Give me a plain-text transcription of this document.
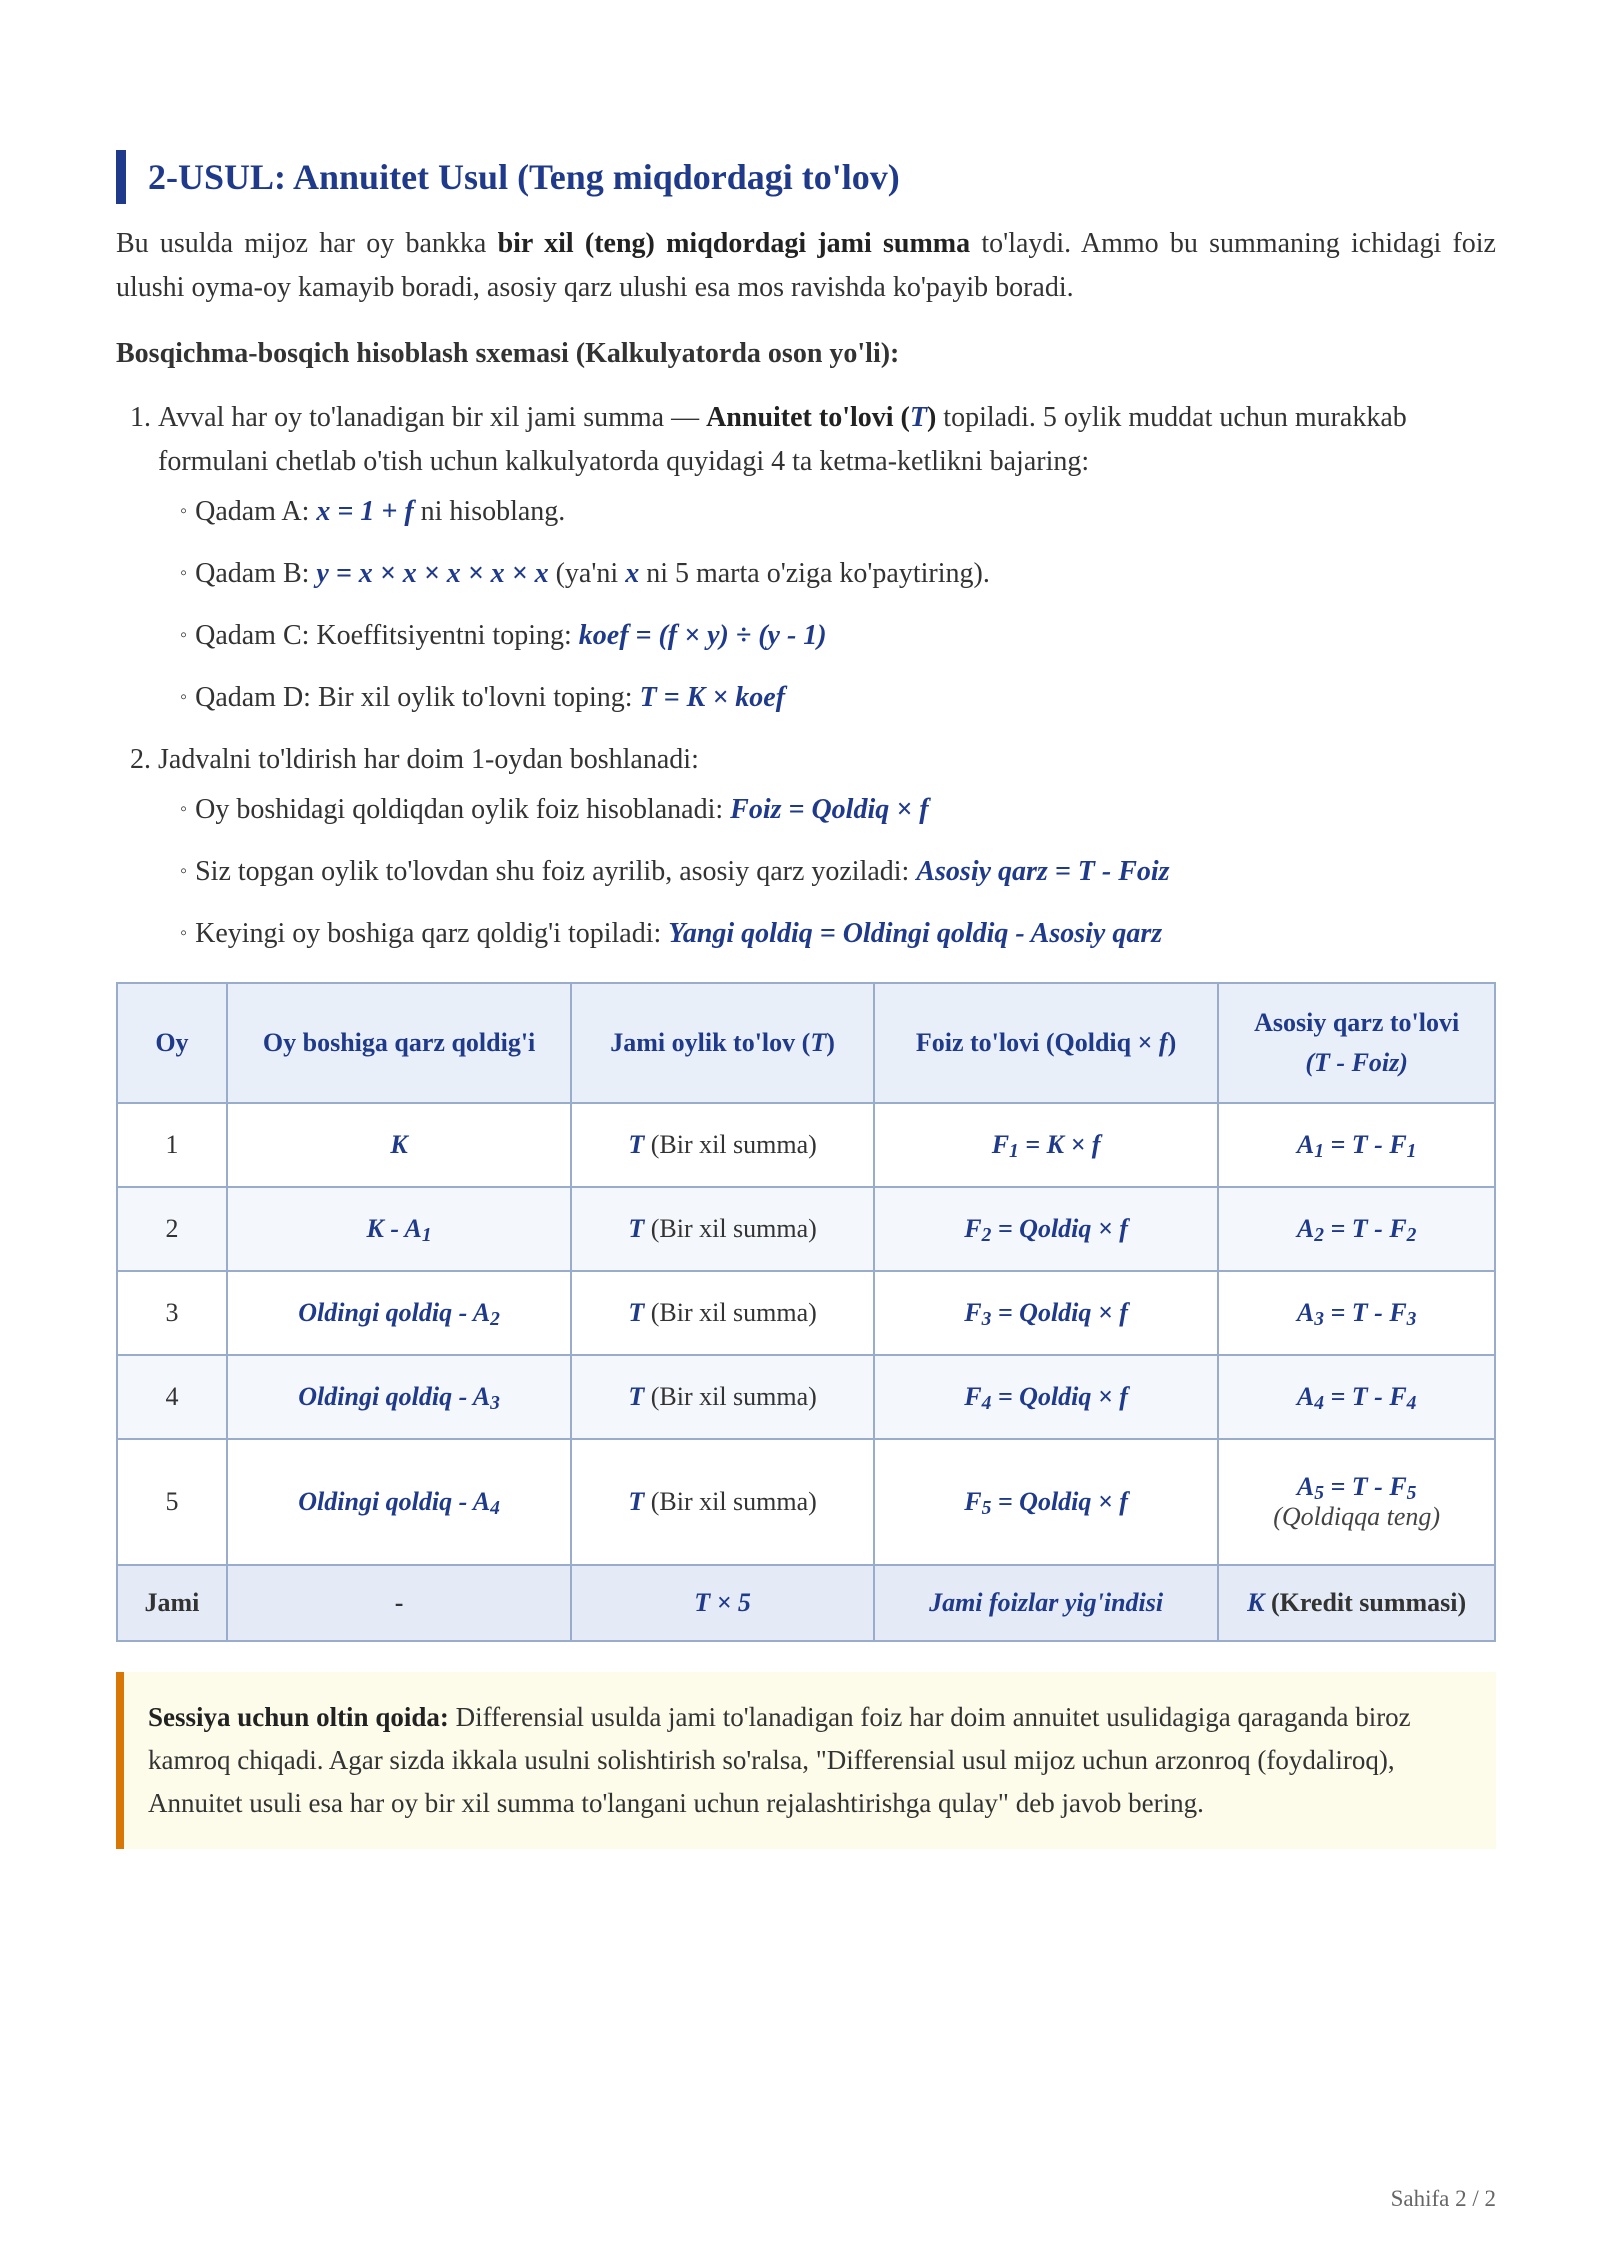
2-USUL: Annuitet Usul (Teng miqdordagi to'lov)

Bu usulda mijoz har oy bankka bir xil (teng) miqdordagi jami summa to'laydi. Ammo bu summaning ichidagi foiz ulushi oyma-oy kamayib boradi, asosiy qarz ulushi esa mos ravishda ko'payib boradi.

Bosqichma-bosqich hisoblash sxemasi (Kalkulyatorda oson yo'li):
1. Avval har oy to'lanadigan bir xil jami summa — Annuitet to'lovi (T) topiladi. 5 oylik muddat uchun murakkab formulani chetlab o'tish uchun kalkulyatorda quyidagi 4 ta ketma-ketlikni bajaring:
◦ Qadam A: x = 1 + f ni hisoblang.
◦ Qadam B: y = x × x × x × x × x (ya'ni x ni 5 marta o'ziga ko'paytiring).
◦ Qadam C: Koeffitsiyentni toping: koef = (f × y) ÷ (y - 1)
◦ Qadam D: Bir xil oylik to'lovni toping: T = K × koef
2. Jadvalni to'ldirish har doim 1-oydan boshlanadi:
◦ Oy boshidagi qoldiqdan oylik foiz hisoblanadi: Foiz = Qoldiq × f
◦ Siz topgan oylik to'lovdan shu foiz ayrilib, asosiy qarz yoziladi: Asosiy qarz = T - Foiz
◦ Keyingi oy boshiga qarz qoldig'i topiladi: Yangi qoldiq = Oldingi qoldiq - Asosiy qarz
Oy	Oy boshiga qarz qoldig'i	Jami oylik to'lov (T)	Foiz to'lovi (Qoldiq × f)	Asosiy qarz to'lovi
(T - Foiz)
1	K	T (Bir xil summa)	$F_1 = K \times f$	$A_1 = T - F_1$
2	K - $A_1$	T (Bir xil summa)	$F_2$ = Qoldiq × f	$A_2 = T - F_2$
3	Oldingi qoldiq - $A_2$	T (Bir xil summa)	$F_3$ = Qoldiq × f	$A_3 = T - F_3$
4	Oldingi qoldiq - $A_3$	T (Bir xil summa)	$F_4$ = Qoldiq × f	$A_4 = T - F_4$
5	Oldingi qoldiq - $A_4$	T (Bir xil summa)	$F_5$ = Qoldiq × f	$A_5 = T - F_5$
(Qoldiqqa teng)
Jami	-	T × 5	Jami foizlar yig'indisi	K (Kredit summasi)
Sessiya uchun oltin qoida: Differensial usulda jami to'lanadigan foiz har doim annuitet usulidagiga qaraganda biroz kamroq chiqadi. Agar sizda ikkala usulni solishtirish so'ralsa, "Differensial usul mijoz uchun arzonroq (foydaliroq), Annuitet usuli esa har oy bir xil summa to'langani uchun rejalashtirishga qulay" deb javob bering.
Sahifa 2 / 2
